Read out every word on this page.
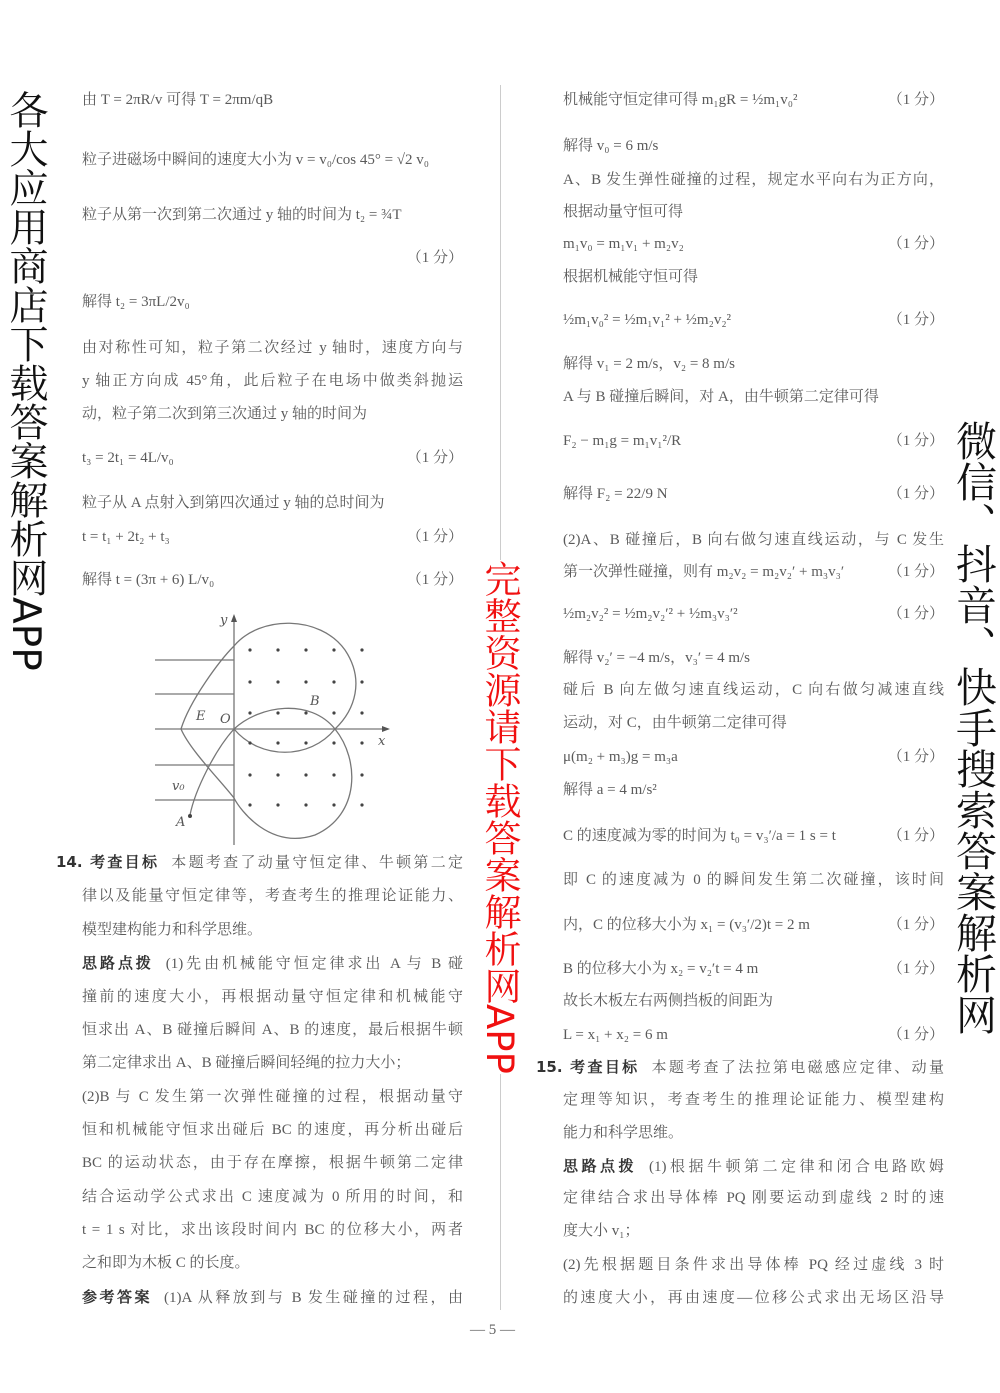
由 T = 2πR/v 可得 T = 2πm/qB
粒子进磁场中瞬间的速度大小为 v = v₀/cos 45° = √2 v₀
粒子从第一次到第二次通过 y 轴的时间为 t₂ = ¾T
（1 分）
解得 t₂ = 3πL/2v₀
由对称性可知，粒子第二次经过 y 轴时，速度方向与
y 轴正方向成 45°角，此后粒子在电场中做类斜抛运
动，粒子第二次到第三次通过 y 轴的时间为
t₃ = 2t₁ = 4L/v₀	（1 分）
粒子从 A 点射入到第四次通过 y 轴的总时间为
t = t₁ + 2t₂ + t₃	（1 分）
解得 t = (3π + 6) L/v₀	（1 分）
14. 考查目标 本题考查了动量守恒定律、牛顿第二定
律以及能量守恒定律等，考查考生的推理论证能力、
模型建构能力和科学思维。
思路点拨 (1)先由机械能守恒定律求出 A 与 B 碰
撞前的速度大小，再根据动量守恒定律和机械能守
恒求出 A、B 碰撞后瞬间 A、B 的速度，最后根据牛顿
第二定律求出 A、B 碰撞后瞬间轻绳的拉力大小；
(2)B 与 C 发生第一次弹性碰撞的过程，根据动量守
恒和机械能守恒求出碰后 BC 的速度，再分析出碰后
BC 的运动状态，由于存在摩擦，根据牛顿第二定律
结合运动学公式求出 C 速度减为 0 所用的时间，和
t = 1 s 对比，求出该段时间内 BC 的位移大小，两者
之和即为木板 C 的长度。
参考答案 (1)A 从释放到与 B 发生碰撞的过程，由
机械能守恒定律可得 m₁gR = ½m₁v₀²	（1 分）
解得 v₀ = 6 m/s
A、B 发生弹性碰撞的过程，规定水平向右为正方向，
根据动量守恒可得
m₁v₀ = m₁v₁ + m₂v₂	（1 分）
根据机械能守恒可得
½m₁v₀² = ½m₁v₁² + ½m₂v₂²	（1 分）
解得 v₁ = 2 m/s，v₂ = 8 m/s
A 与 B 碰撞后瞬间，对 A，由牛顿第二定律可得
F₂ − m₁g = m₁v₁²/R	（1 分）
解得 F₂ = 22/9 N	（1 分）
(2)A、B 碰撞后，B 向右做匀速直线运动，与 C 发生
第一次弹性碰撞，则有 m₂v₂ = m₂v₂′ + m₃v₃′	（1 分）
½m₂v₂² = ½m₂v₂′² + ½m₃v₃′²	（1 分）
解得 v₂′ = −4 m/s，v₃′ = 4 m/s
碰后 B 向左做匀速直线运动，C 向右做匀减速直线
运动，对 C，由牛顿第二定律可得
μ(m₂ + m₃)g = m₃a	（1 分）
解得 a = 4 m/s²
C 的速度减为零的时间为 t₀ = v₃′/a = 1 s = t	（1 分）
即 C 的速度减为 0 的瞬间发生第二次碰撞，该时间
内，C 的位移大小为 x₁ = (v₃′/2)t = 2 m	（1 分）
B 的位移大小为 x₂ = v₂′t = 4 m	（1 分）
故长木板左右两侧挡板的间距为
L = x₁ + x₂ = 6 m	（1 分）
15. 考查目标 本题考查了法拉第电磁感应定律、动量
定理等知识，考查考生的推理论证能力、模型建构
能力和科学思维。
思路点拨 (1)根据牛顿第二定律和闭合电路欧姆
定律结合求出导体棒 PQ 刚要运动到虚线 2 时的速
度大小 v₁；
(2)先根据题目条件求出导体棒 PQ 经过虚线 3 时
的速度大小，再由速度—位移公式求出无场区沿导
y
x
O
E
B
A
v₀
— 5 —
各大应用商店下载答案解析网APP
完整资源请下载答案解析网APP	微信、抖音、快手搜索答案解析网
